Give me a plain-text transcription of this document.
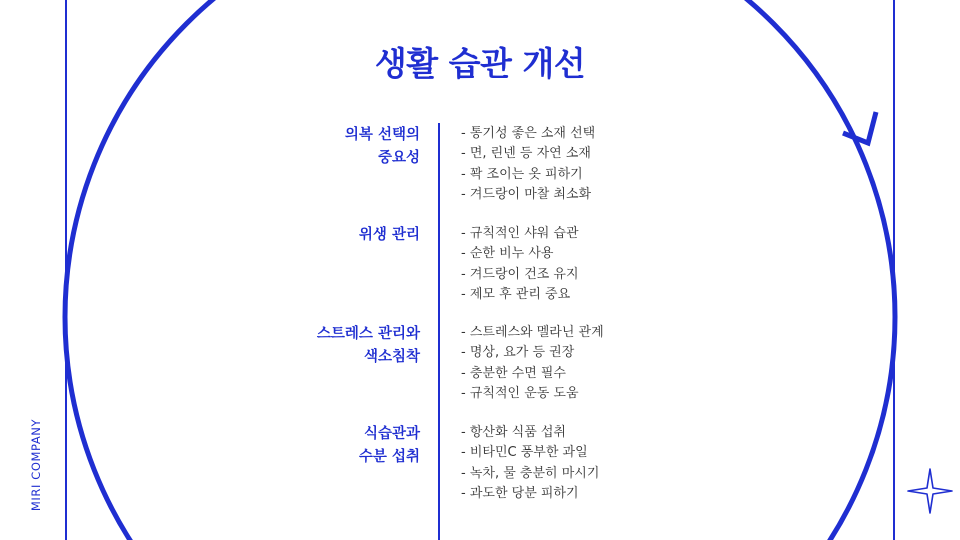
MIRI COMPANY
생활 습관 개선
의복 선택의
중요성
- 통기성 좋은 소재 선택
- 면, 린넨 등 자연 소재
- 꽉 조이는 옷 피하기
- 겨드랑이 마찰 최소화
위생 관리	- 규칙적인 샤워 습관
- 순한 비누 사용
- 겨드랑이 건조 유지
- 제모 후 관리 중요
스트레스 관리와
색소침착
- 스트레스와 멜라닌 관계
- 명상, 요가 등 권장
- 충분한 수면 필수
- 규칙적인 운동 도움
식습관과
수분 섭취
- 항산화 식품 섭취
- 비타민C 풍부한 과일
- 녹차, 물 충분히 마시기
- 과도한 당분 피하기
